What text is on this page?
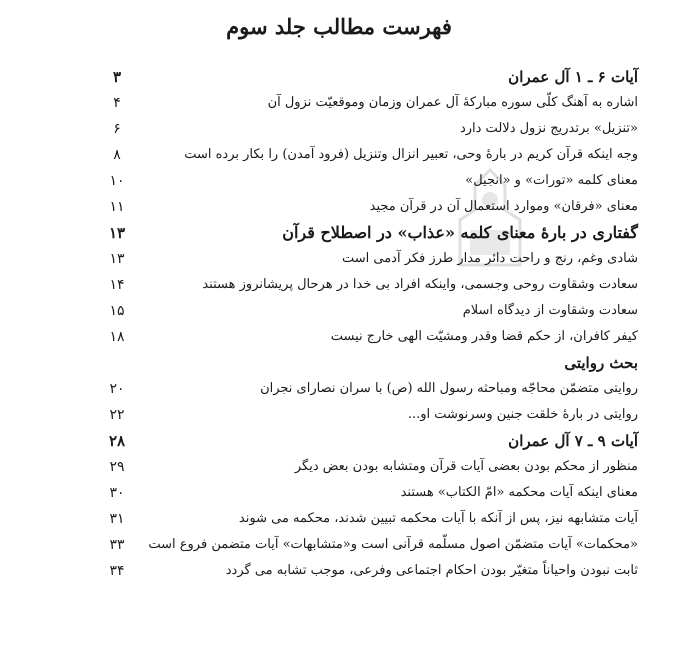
فهرست مطالب جلد سوم
آیات ۶ ـ ۱ آل عمران
۳
اشاره به آهنگ کلّی سوره مبارکهٔ آل عمران وزمان وموقعیّت نزول آن
۴
«تنزیل» برتدریج نزول دلالت دارد
۶
وجه اینکه قرآن کریم در بارهٔ وحی، تعبیر انزال وتنزیل (فرود آمدن) را بکار برده است
۸
معنای کلمه «تورات» و «انجیل»
۱۰
معنای «فرقان» وموارد استعمال آن در قرآن مجید
۱۱
گفتاری در بارهٔ معنای کلمه «عذاب» در اصطلاح قرآن
۱۳
شادی وغم، رنج و راحت دائر مدار طرز فکر آدمی است
۱۳
سعادت وشقاوت روحی وجسمی، واینکه افراد بی خدا در هرحال پریشانروز هستند
۱۴
سعادت وشقاوت از دیدگاه اسلام
۱۵
کیفر کافران، از حکم قضا وقدر ومشیّت الهی خارج نیست
۱۸
بحث روایتی
روایتی متضمّن محاجّه ومباحثه رسول الله (ص) با سران نصارای نجران
۲۰
روایتی در بارهٔ خلقت جنین وسرنوشت او...
۲۲
آیات ۹ ـ ۷ آل عمران
۲۸
منظور از محکم بودن بعضی آیات قرآن ومتشابه بودن بعض دیگر
۲۹
معنای اینکه آیات محکمه «امّ الکتاب» هستند
۳۰
آیات متشابهه نیز، پس از آنکه با آیات محکمه تبیین شدند، محکمه می شوند
۳۱
«محکمات» آیات متضمّن اصول مسلّمه قرآنی است و«متشابهات» آیات متضمن فروع است
۳۳
ثابت نبودن واحیاناً متغیّر بودن احکام اجتماعی وفرعی، موجب تشابه می گردد
۳۴
